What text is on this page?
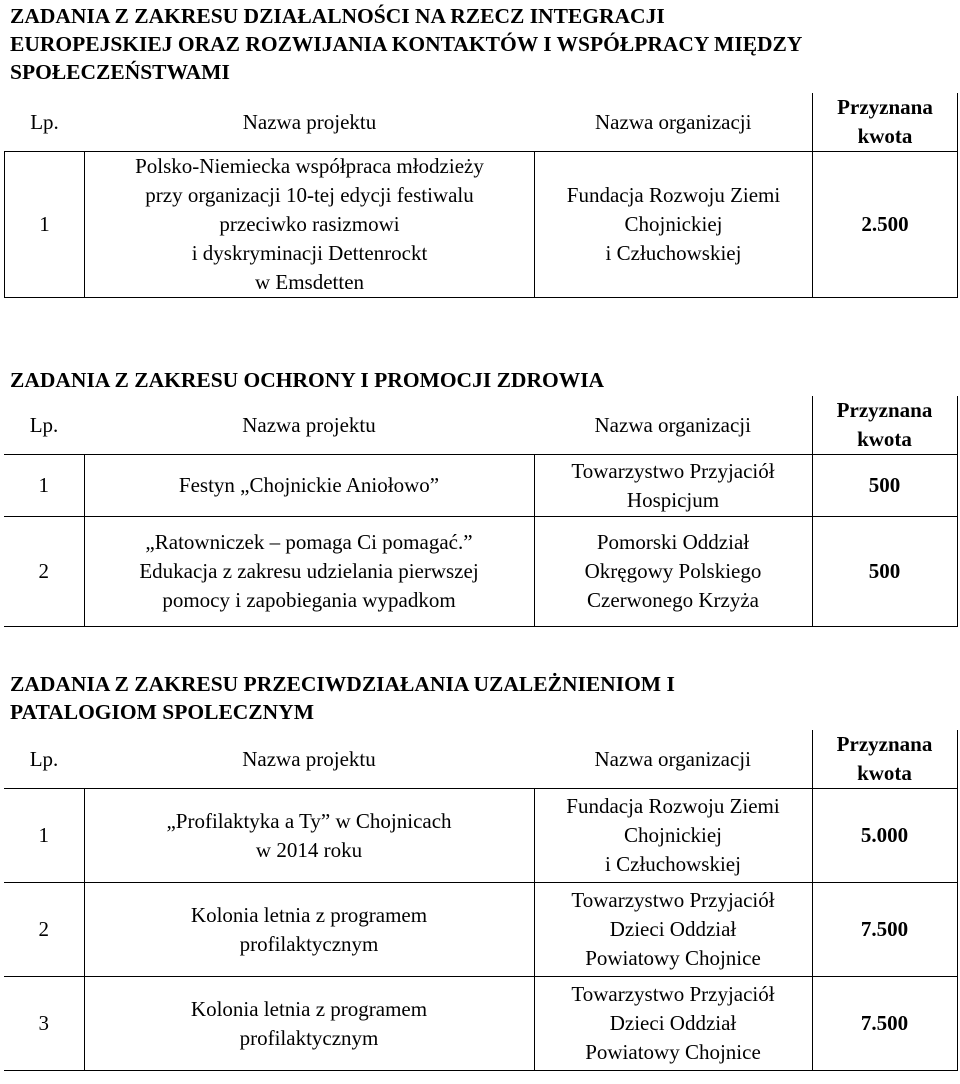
ZADANIA Z ZAKRESU DZIAŁALNOŚCI NA RZECZ INTEGRACJI
EUROPEJSKIEJ ORAZ ROZWIJANIA KONTAKTÓW I WSPÓŁPRACY MIĘDZY
SPOŁECZEŃSTWAMI
Lp.	Nazwa projektu	Nazwa organizacji	Przyznana
kwota

1	Polsko-Niemiecka współpraca młodzieży
przy organizacji 10-tej edycji festiwalu
przeciwko rasizmowi
i dyskryminacji Dettenrockt
w Emsdetten	Fundacja Rozwoju Ziemi
Chojnickiej
i Człuchowskiej	2.500
ZADANIA Z ZAKRESU OCHRONY I PROMOCJI ZDROWIA
Lp.	Nazwa projektu	Nazwa organizacji	Przyznana
kwota

1	Festyn „Chojnickie Aniołowo”	Towarzystwo Przyjaciół
Hospicjum	500
2	„Ratowniczek – pomaga Ci pomagać.”
Edukacja z zakresu udzielania pierwszej
pomocy i zapobiegania wypadkom	Pomorski Oddział
Okręgowy Polskiego
Czerwonego Krzyża	500
ZADANIA Z ZAKRESU PRZECIWDZIAŁANIA UZALEŻNIENIOM I
PATALOGIOM SPOLECZNYM
Lp.	Nazwa projektu	Nazwa organizacji	Przyznana
kwota

1	„Profilaktyka a Ty” w Chojnicach
w 2014 roku	Fundacja Rozwoju Ziemi
Chojnickiej
i Człuchowskiej	5.000
2	Kolonia letnia z programem
profilaktycznym	Towarzystwo Przyjaciół
Dzieci Oddział
Powiatowy Chojnice	7.500
3	Kolonia letnia z programem
profilaktycznym	Towarzystwo Przyjaciół
Dzieci Oddział
Powiatowy Chojnice	7.500
